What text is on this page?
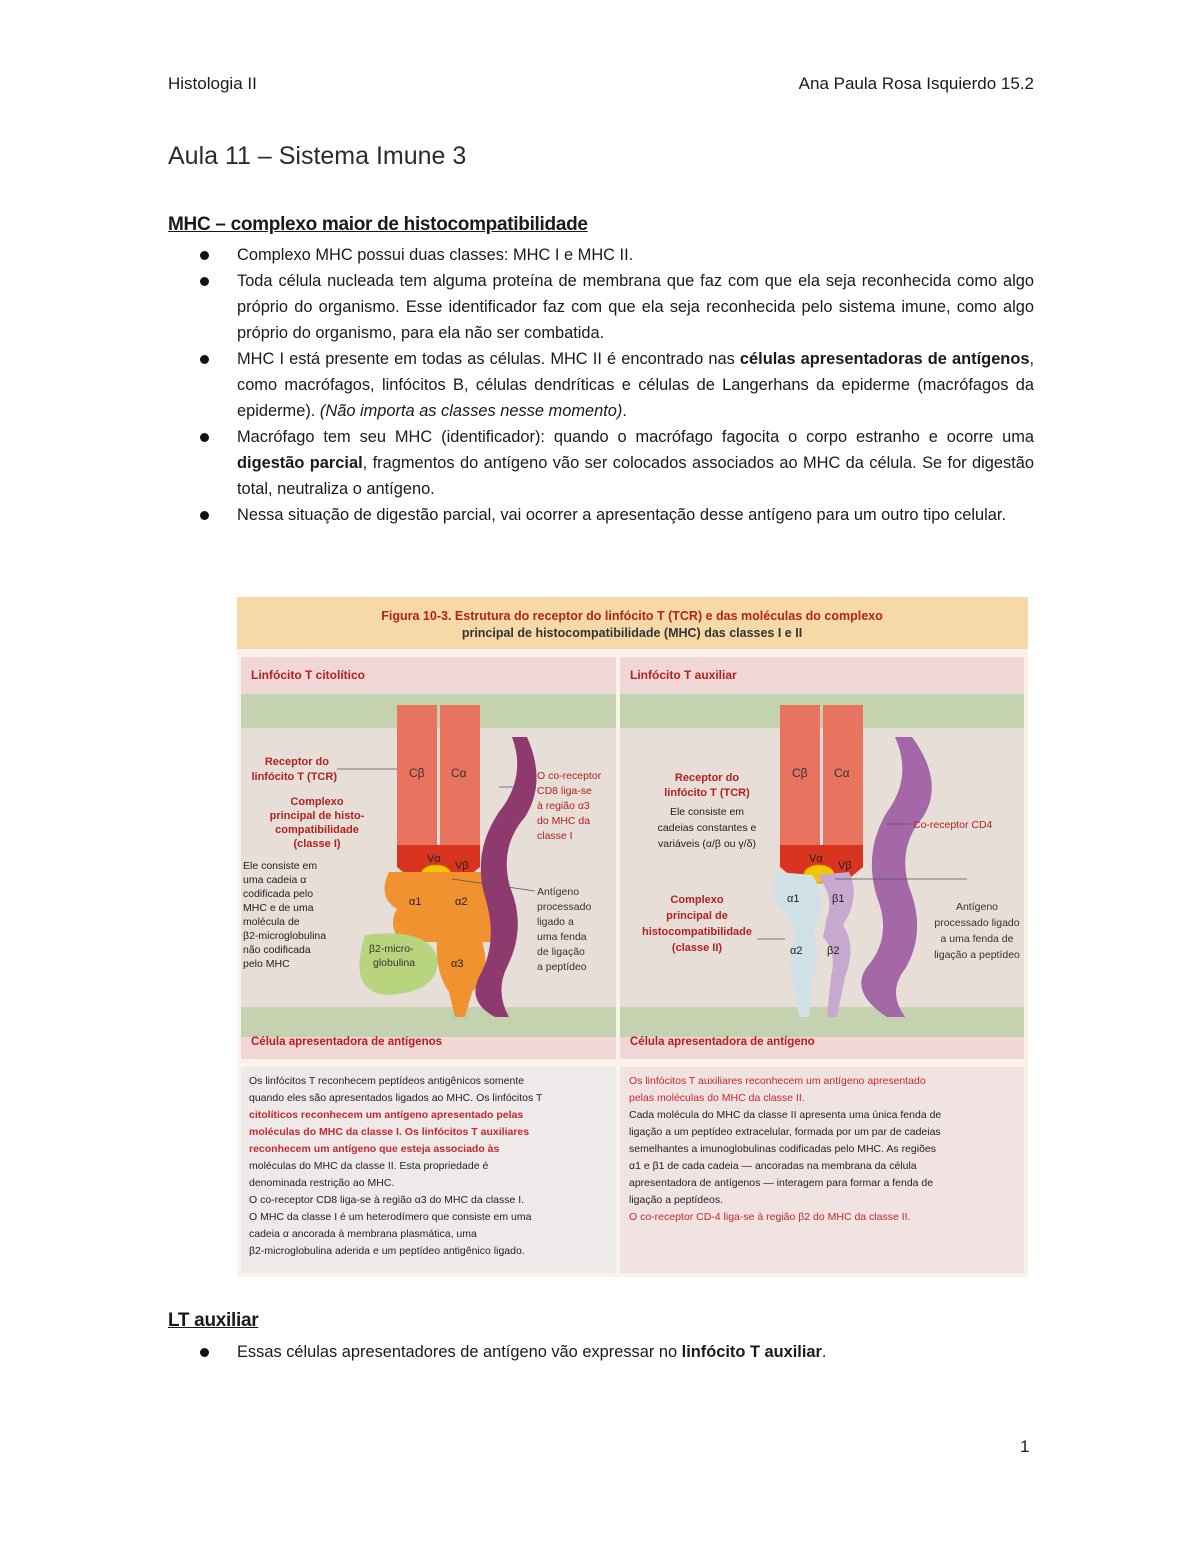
Histologia II	Ana Paula Rosa Isquierdo 15.2
Aula 11 – Sistema Imune 3
MHC – complexo maior de histocompatibilidade
Complexo MHC possui duas classes: MHC I e MHC II.
Toda célula nucleada tem alguma proteína de membrana que faz com que ela seja reconhecida como algo próprio do organismo. Esse identificador faz com que ela seja reconhecida pelo sistema imune, como algo próprio do organismo, para ela não ser combatida.
MHC I está presente em todas as células. MHC II é encontrado nas células apresentadoras de antígenos, como macrófagos, linfócitos B, células dendríticas e células de Langerhans da epiderme (macrófagos da epiderme). (Não importa as classes nesse momento).
Macrófago tem seu MHC (identificador): quando o macrófago fagocita o corpo estranho e ocorre uma digestão parcial, fragmentos do antígeno vão ser colocados associados ao MHC da célula. Se for digestão total, neutraliza o antígeno.
Nessa situação de digestão parcial, vai ocorrer a apresentação desse antígeno para um outro tipo celular.
Figura 10-3. Estrutura do receptor do linfócito T (TCR) e das moléculas do complexo
principal de histocompatibilidade (MHC) das classes I e II
Linfócito T citolítico
Célula apresentadora de antígenos
Cβ Cα
Vα
Vβ
α1	α2
α3
β2-micro-
globulina
Receptor do
linfócito T (TCR)
Complexo
principal de histo-
compatibilidade
(classe I)
Ele consiste em
uma cadeia α
codificada pelo
MHC e de uma
molécula de
β2-microglobulina
não codificada
pelo MHC
O co-receptor
CD8 liga-se
à região α3
do MHC da
classe I
Antígeno
processado
ligado a
uma fenda
de ligação
a peptídeo
Linfócito T auxiliar
Célula apresentadora de antígeno
Cβ Cα
Vα
Vβ
α1	β1
α2 β2
Receptor do
linfócito T (TCR)
Ele consiste em
cadeias constantes e
variáveis (α/β ou γ/δ)
Complexo
principal de
histocompatibilidade
(classe II)
Co-receptor CD4
Antígeno
processado ligado
a uma fenda de
ligação a peptídeo
Os linfócitos T reconhecem peptídeos antigênicos somente
quando eles são apresentados ligados ao MHC. Os linfócitos T
citolíticos reconhecem um antígeno apresentado pelas
moléculas do MHC da classe I. Os linfócitos T auxiliares
reconhecem um antígeno que esteja associado às
moléculas do MHC da classe II. Esta propriedade é
denominada restrição ao MHC.
O co-receptor CD8 liga-se à região α3 do MHC da classe I.
O MHC da classe I é um heterodímero que consiste em uma
cadeia α ancorada à membrana plasmática, uma
β2-microglobulina aderida e um peptídeo antigênico ligado.
Os linfócitos T auxiliares reconhecem um antígeno apresentado
pelas moléculas do MHC da classe II.
Cada molécula do MHC da classe II apresenta uma única fenda de
ligação a um peptídeo extracelular, formada por um par de cadeias
semelhantes a imunoglobulinas codificadas pelo MHC. As regiões
α1 e β1 de cada cadeia — ancoradas na membrana da célula
apresentadora de antígenos — interagem para formar a fenda de
ligação a peptídeos.
O co-receptor CD-4 liga-se à região β2 do MHC da classe II.
LT auxiliar
Essas células apresentadores de antígeno vão expressar no linfócito T auxiliar.
1
